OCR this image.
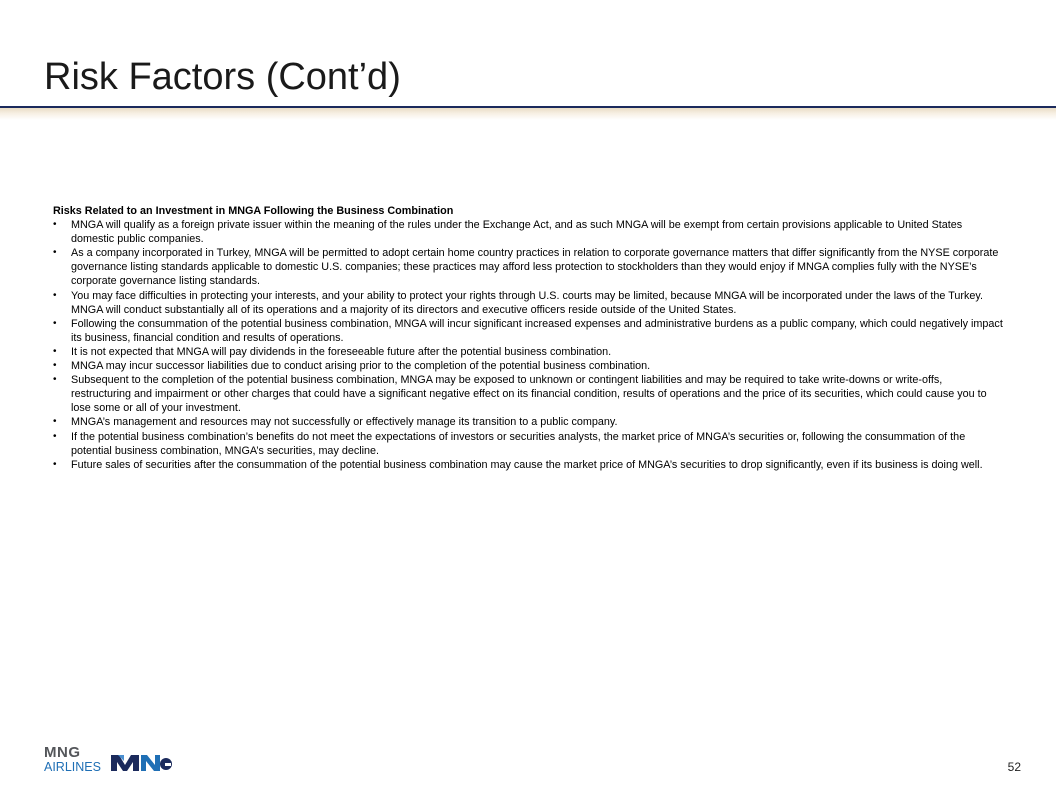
Risk Factors (Cont’d)

Risks Related to an Investment in MNGA Following the Business Combination

•	MNGA will qualify as a foreign private issuer within the meaning of the rules under the Exchange Act, and as such MNGA will be exempt from certain provisions applicable to United States domestic public companies.
•	As a company incorporated in Turkey, MNGA will be permitted to adopt certain home country practices in relation to corporate governance matters that differ significantly from the NYSE corporate governance listing standards applicable to domestic U.S. companies; these practices may afford less protection to stockholders than they would enjoy if MNGA complies fully with the NYSE’s corporate governance listing standards.
•	You may face difficulties in protecting your interests, and your ability to protect your rights through U.S. courts may be limited, because MNGA will be incorporated under the laws of the Turkey. MNGA will conduct substantially all of its operations and a majority of its directors and executive officers reside outside of the United States.
•	Following the consummation of the potential business combination, MNGA will incur significant increased expenses and administrative burdens as a public company, which could negatively impact its business, financial condition and results of operations.
•	It is not expected that MNGA will pay dividends in the foreseeable future after the potential business combination.
•	MNGA may incur successor liabilities due to conduct arising prior to the completion of the potential business combination.
•	Subsequent to the completion of the potential business combination, MNGA may be exposed to unknown or contingent liabilities and may be required to take write-downs or write-offs, restructuring and impairment or other charges that could have a significant negative effect on its financial condition, results of operations and the price of its securities, which could cause you to lose some or all of your investment.
•	MNGA’s management and resources may not successfully or effectively manage its transition to a public company.
•	If the potential business combination’s benefits do not meet the expectations of investors or securities analysts, the market price of MNGA’s securities or, following the consummation of the potential business combination, MNGA’s securities, may decline.
•	Future sales of securities after the consummation of the potential business combination may cause the market price of MNGA’s securities to drop significantly, even if its business is doing well.
MNG
AIRLINES	52
